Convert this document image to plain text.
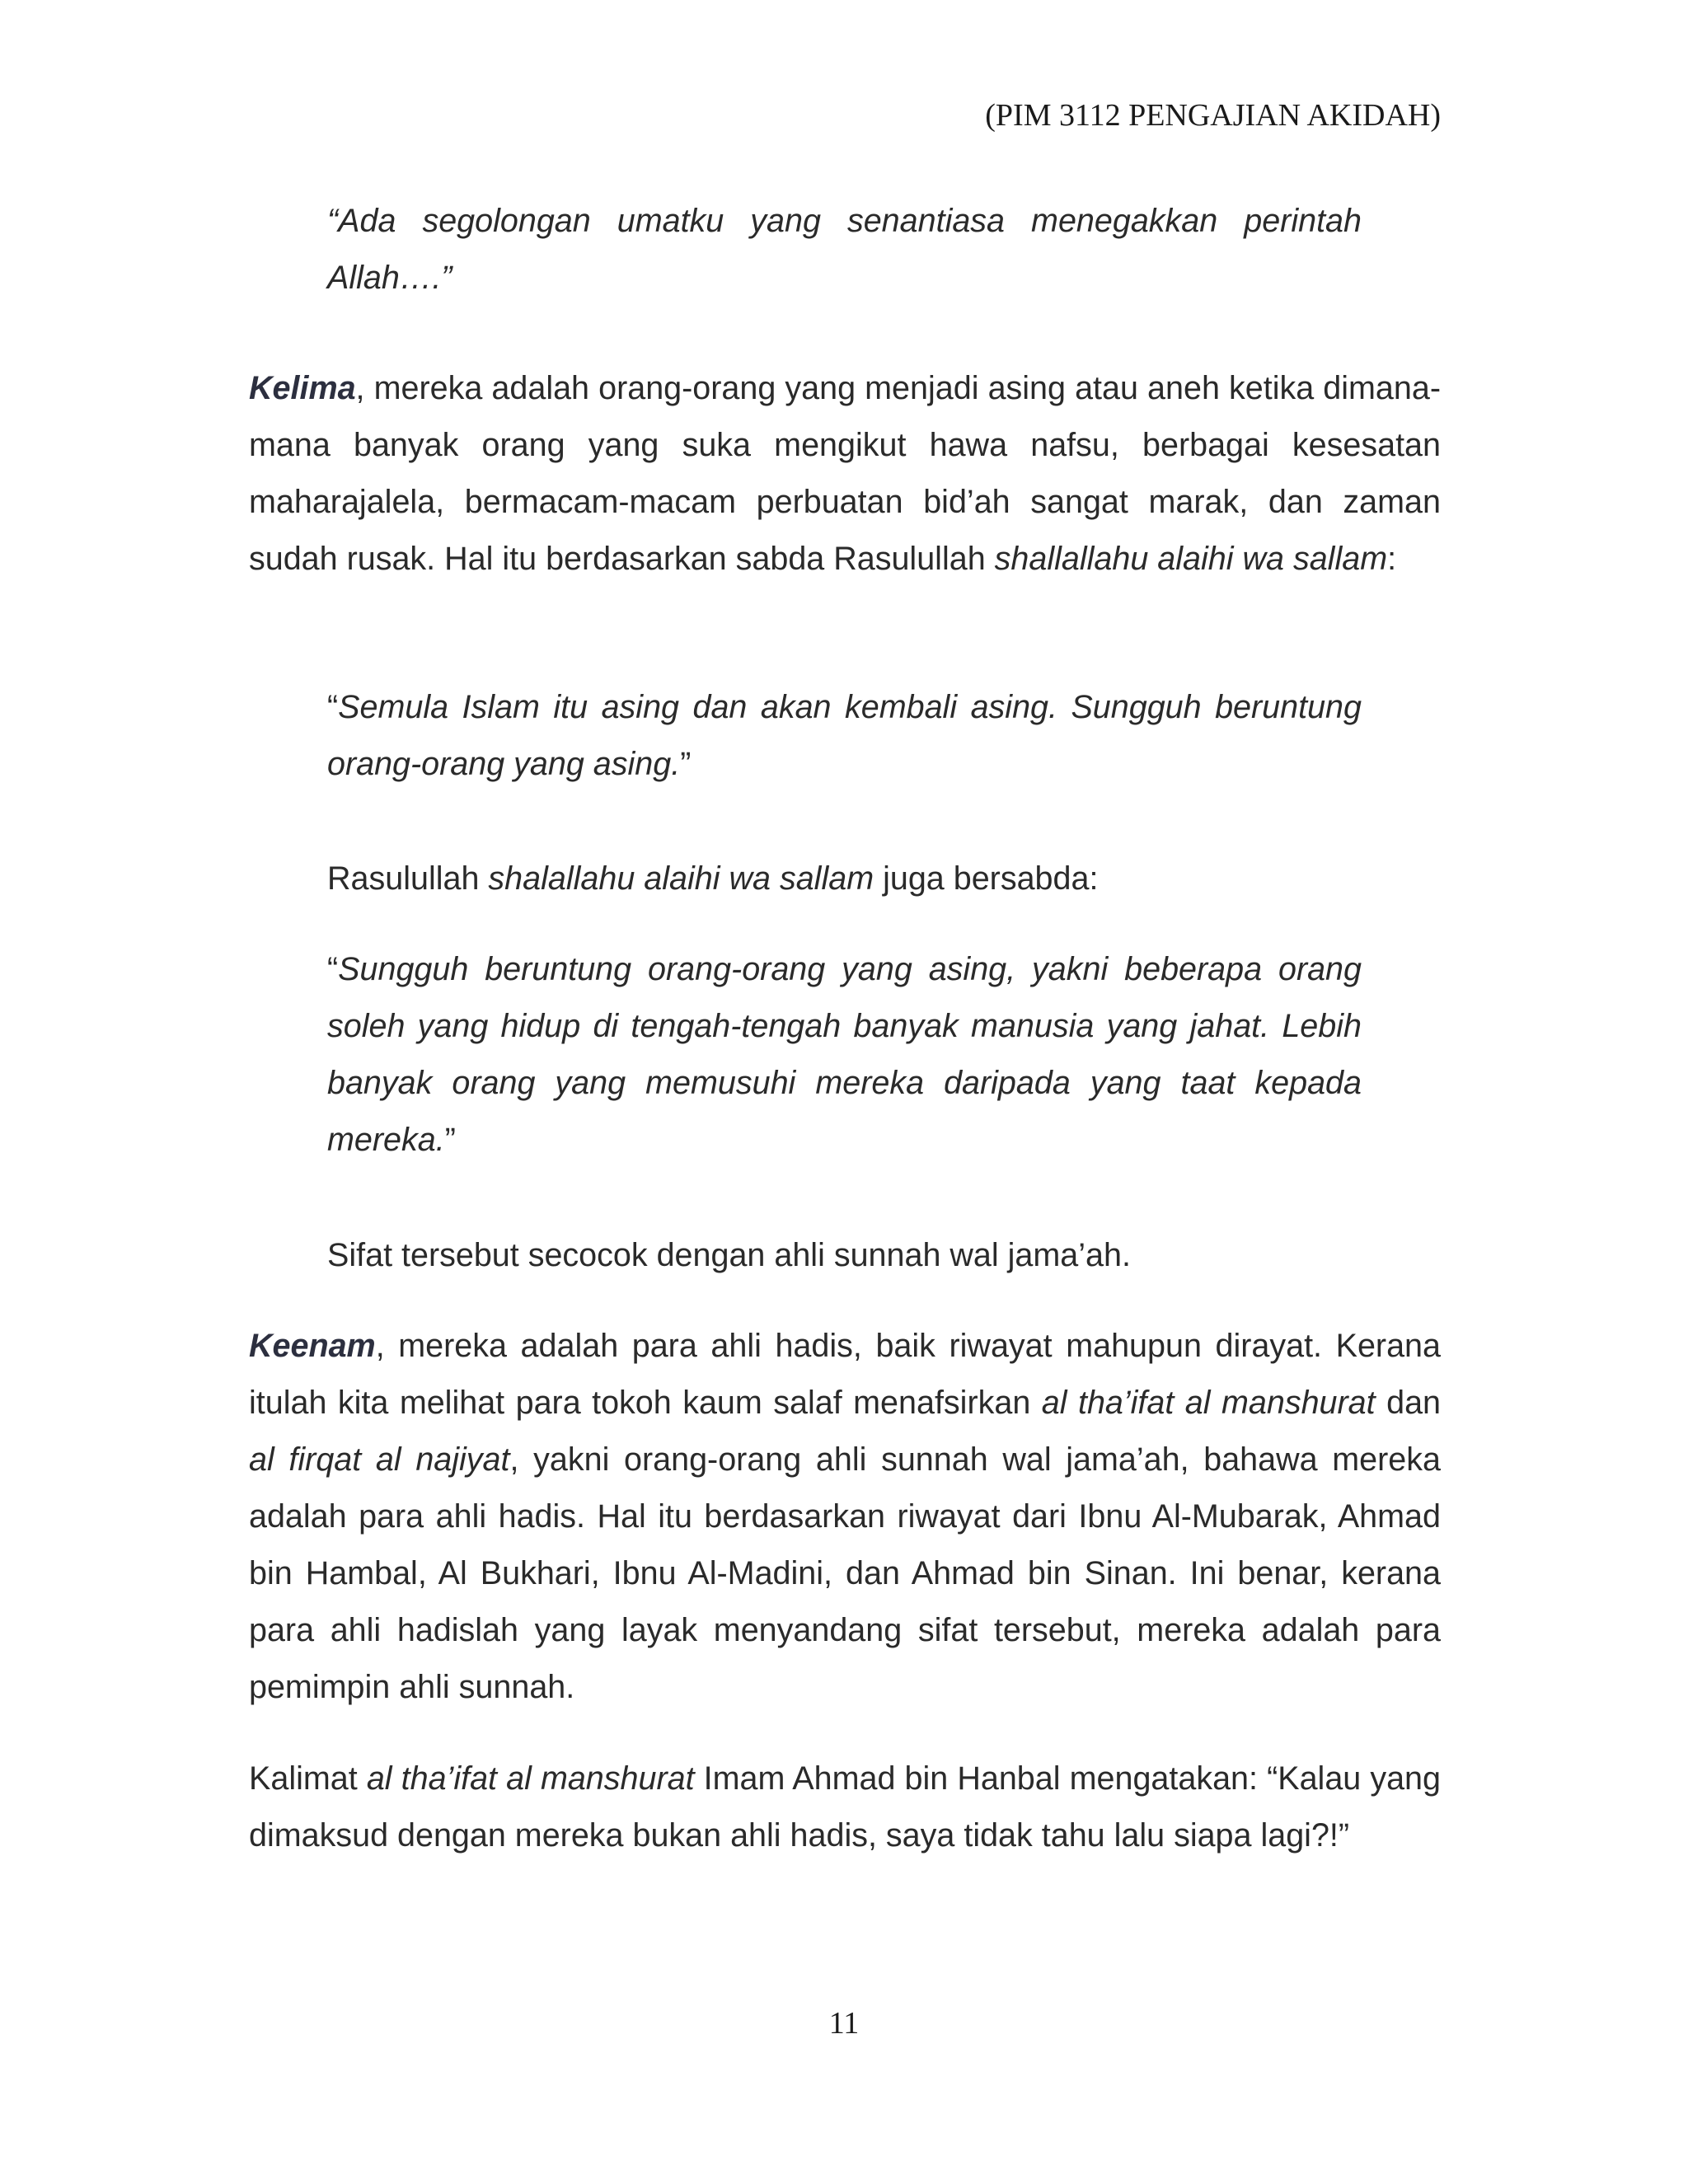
(PIM 3112 PENGAJIAN AKIDAH)
“Ada segolongan umatku yang senantiasa menegakkan perintah Allah….”
Kelima, mereka adalah orang-orang yang menjadi asing atau aneh ketika dimana-mana banyak orang yang suka mengikut hawa nafsu, berbagai kesesatan maharajalela, bermacam-macam perbuatan bid’ah sangat marak, dan zaman sudah rusak. Hal itu berdasarkan sabda Rasulullah shallallahu alaihi wa sallam:
“Semula Islam itu asing dan akan kembali asing. Sungguh beruntung orang-orang yang asing.”
Rasulullah shalallahu alaihi wa sallam juga bersabda:
“Sungguh beruntung orang-orang yang asing, yakni beberapa orang soleh yang hidup di tengah-tengah banyak manusia yang jahat. Lebih banyak orang yang memusuhi mereka daripada yang taat kepada mereka.”
Sifat tersebut secocok dengan ahli sunnah wal jama’ah.
Keenam, mereka adalah para ahli hadis, baik riwayat mahupun dirayat. Kerana itulah kita melihat para tokoh kaum salaf menafsirkan al tha’ifat al manshurat dan al firqat al najiyat, yakni orang-orang ahli sunnah wal jama’ah, bahawa mereka adalah para ahli hadis. Hal itu berdasarkan riwayat dari Ibnu Al-Mubarak, Ahmad bin Hambal, Al Bukhari, Ibnu Al-Madini, dan Ahmad bin Sinan. Ini benar, kerana para ahli hadislah yang layak menyandang sifat tersebut, mereka adalah para pemimpin ahli sunnah.
Kalimat al tha’ifat al manshurat Imam Ahmad bin Hanbal mengatakan: “Kalau yang dimaksud dengan mereka bukan ahli hadis, saya tidak tahu lalu siapa lagi?!”
11
